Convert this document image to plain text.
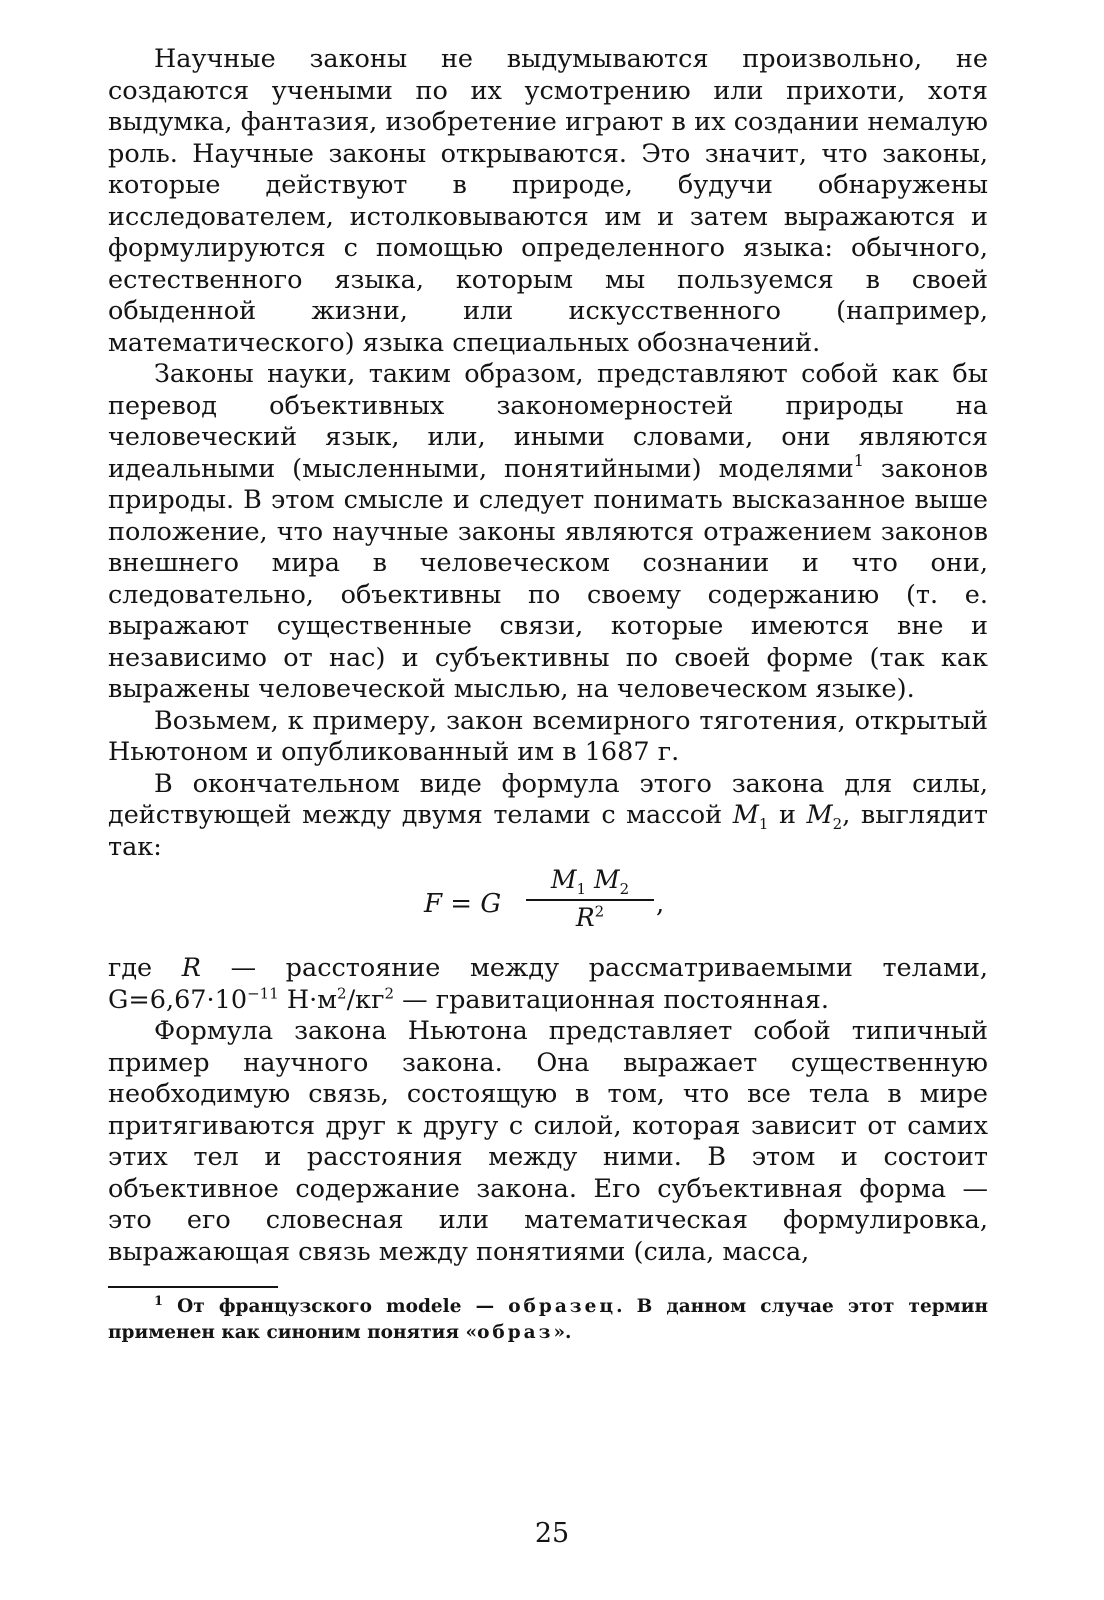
Научные законы не выдумываются произвольно, не создаются учеными по их усмотрению или прихоти, хотя выдумка, фантазия, изобретение играют в их создании немалую роль. Научные законы открываются. Это значит, что законы, которые действуют в природе, будучи обнаружены исследователем, истолковываются им и затем выражаются и формулируются с помощью определенного языка: обычного, естественного языка, которым мы пользуемся в своей обыденной жизни, или искусственного (например, математического) языка специальных обозначений.

Законы науки, таким образом, представляют собой как бы перевод объективных закономерностей природы на человеческий язык, или, иными словами, они являются идеальными (мысленными, понятийными) моделями$^1$ законов природы. В этом смысле и следует понимать высказанное выше положение, что научные законы являются отражением законов внешнего мира в человеческом сознании и что они, следовательно, объективны по своему содержанию (т. е. выражают существенные связи, которые имеются вне и независимо от нас) и субъективны по своей форме (так как выражены человеческой мыслью, на человеческом языке).

Возьмем, к примеру, закон всемирного тяготения, открытый Ньютоном и опубликованный им в 1687 г.

В окончательном виде формула этого закона для силы, действующей между двумя телами с массой $M_1$ и $M_2$, выглядит так:

F = G $\frac{M_1 M_2}{R^2}$ ,

где R — расстояние между рассматриваемыми телами, $G=6,67\cdot 10^{-11}$ $Н\cdot м^2/кг^2$ — гравитационная постоянная.

Формула закона Ньютона представляет собой типичный пример научного закона. Она выражает существенную необходимую связь, состоящую в том, что все тела в мире притягиваются друг к другу с силой, которая зависит от самих этих тел и расстояния между ними. В этом и состоит объективное содержание закона. Его субъективная форма — это его словесная или математическая формулировка, выражающая связь между понятиями (сила, масса,

$^1$ От французского modele — образец. В данном случае этот термин применен как синоним понятия «образ».

25
